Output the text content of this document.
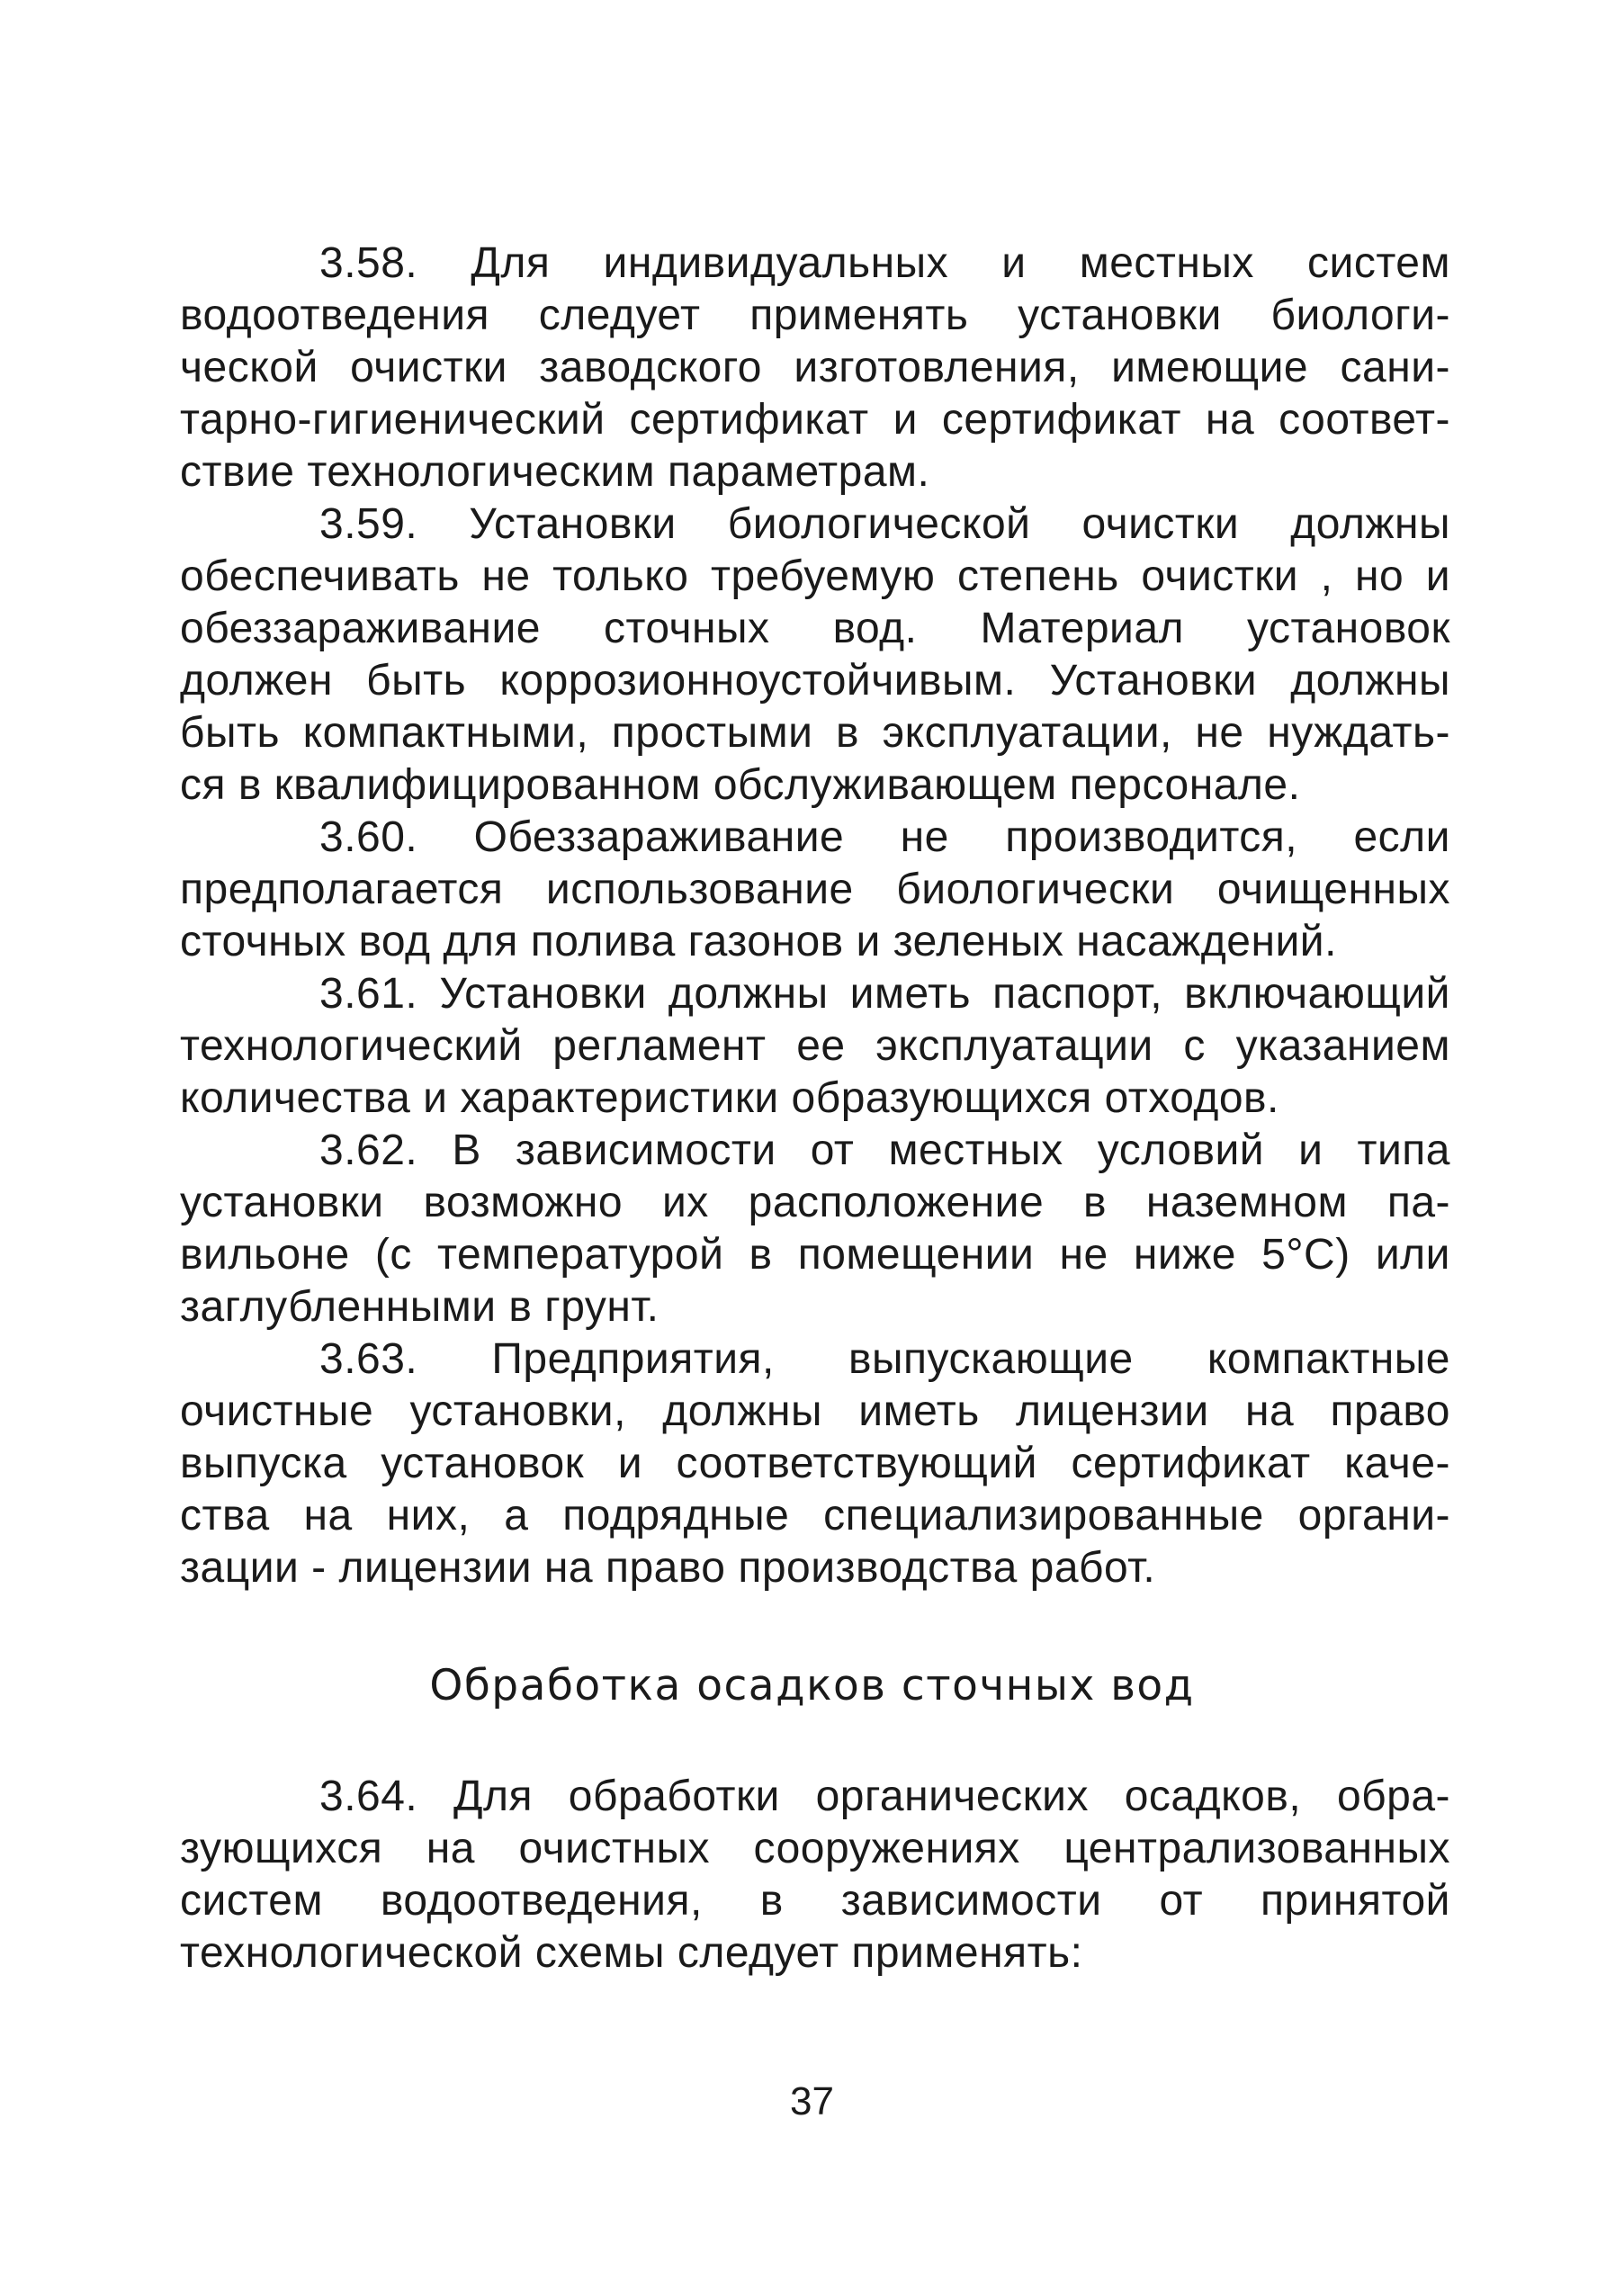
3.58. Для индивидуальных и местных систем
водоотведения следует применять установки биологи-
ческой очистки заводского изготовления, имеющие сани-
тарно-гигиенический сертификат и сертификат на соответ-
ствие технологическим параметрам.
3.59. Установки биологической очистки должны
обеспечивать не только требуемую степень очистки , но и
обеззараживание сточных вод. Материал установок
должен быть коррозионноустойчивым. Установки должны
быть компактными, простыми в эксплуатации, не нуждать-
ся в квалифицированном обслуживающем персонале.
3.60. Обеззараживание не производится, если
предполагается использование биологически очищенных
сточных вод для полива газонов и зеленых насаждений.
3.61. Установки должны иметь паспорт, включающий
технологический регламент ее эксплуатации с указанием
количества и характеристики образующихся отходов.
3.62. В зависимости от местных условий и типа
установки возможно их расположение в наземном па-
вильоне (с температурой в помещении не ниже 5°С) или
заглубленными в грунт.
3.63. Предприятия, выпускающие компактные
очистные установки, должны иметь лицензии на право
выпуска установок и соответствующий сертификат каче-
ства на них, а подрядные специализированные органи-
зации - лицензии на право производства работ.
Обработка осадков сточных вод
3.64. Для обработки органических осадков, обра-
зующихся на очистных сооружениях централизованных
систем водоотведения, в зависимости от принятой
технологической схемы следует применять:
37
